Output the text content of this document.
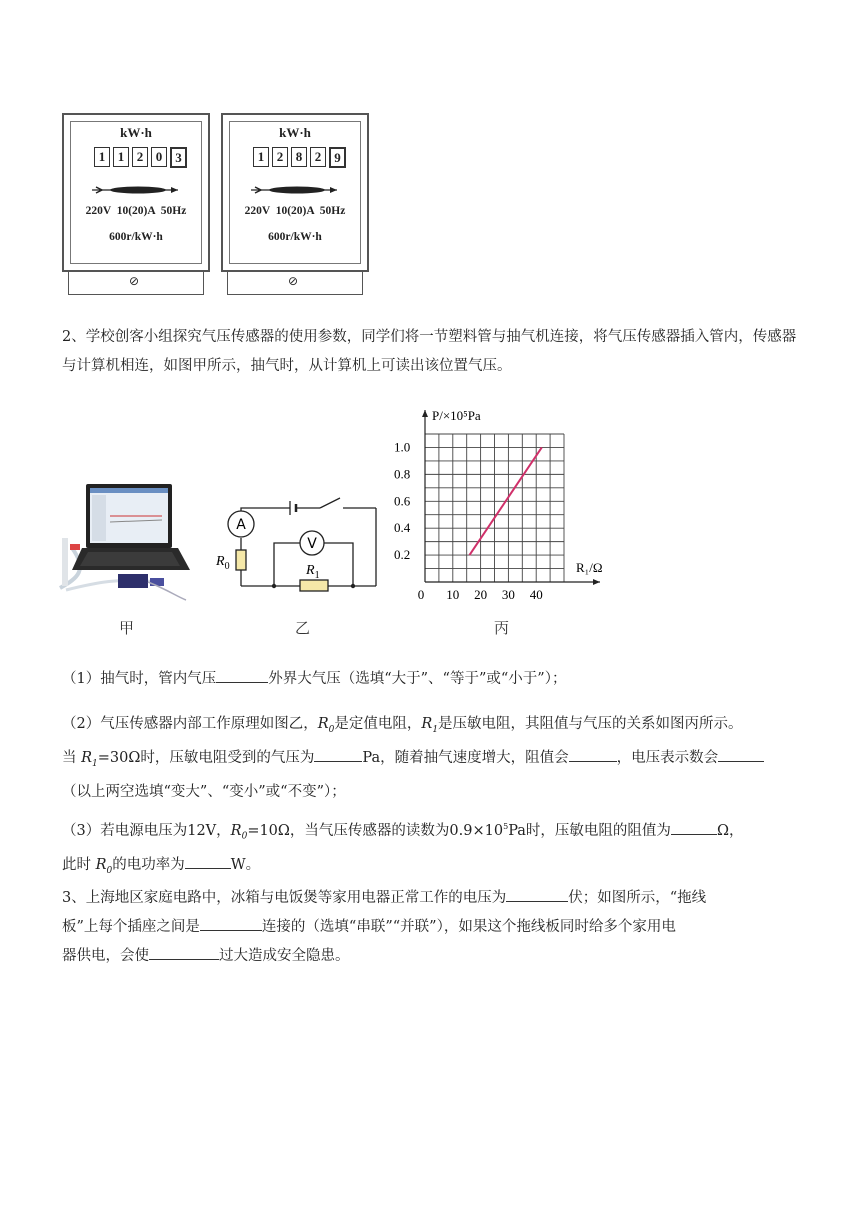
kW·h
1 1 2 0	3
220V  10(20)A  50Hz
600r/kW·h
⊘
kW·h
1 2 8 2	9
220V  10(20)A  50Hz
600r/kW·h
⊘
2、学校创客小组探究气压传感器的使用参数，同学们将一节塑料管与抽气机连接，将气压传感器插入管内，传感器与计算机相连，如图甲所示，抽气时，从计算机上可读出该位置气压。
甲
A
V
$R_0$	$R_1$
乙
0 10 20 30 40
0.2
0.4
0.6
0.8
1.0
P/×10⁵Pa
R₁/Ω
丙
（1）抽气时，管内气压	外界大气压（选填“大于”、“等于”或“小于”）；
（2）气压传感器内部工作原理如图乙，$R_0$是定值电阻，$R_1$是压敏电阻，其阻值与气压的关系如图丙所示。
当 $R_1=30\Omega$时，压敏电阻受到的气压为	Pa，随着抽气速度增大，阻值会	，电压表示数会
（以上两空选填“变大”、“变小”或“不变”）；
（3）若电源电压为12V，$R_0=10\Omega$，当气压传感器的读数为$0.9\times 10^5Pa$时，压敏电阻的阻值为	Ω，
此时 $R_0$的电功率为	W。
3、上海地区家庭电路中，冰箱与电饭煲等家用电器正常工作的电压为	伏；如图所示，“拖线
板”上每个插座之间是	连接的（选填“串联”“并联”），如果这个拖线板同时给多个家用电
器供电，会使	过大造成安全隐患。
